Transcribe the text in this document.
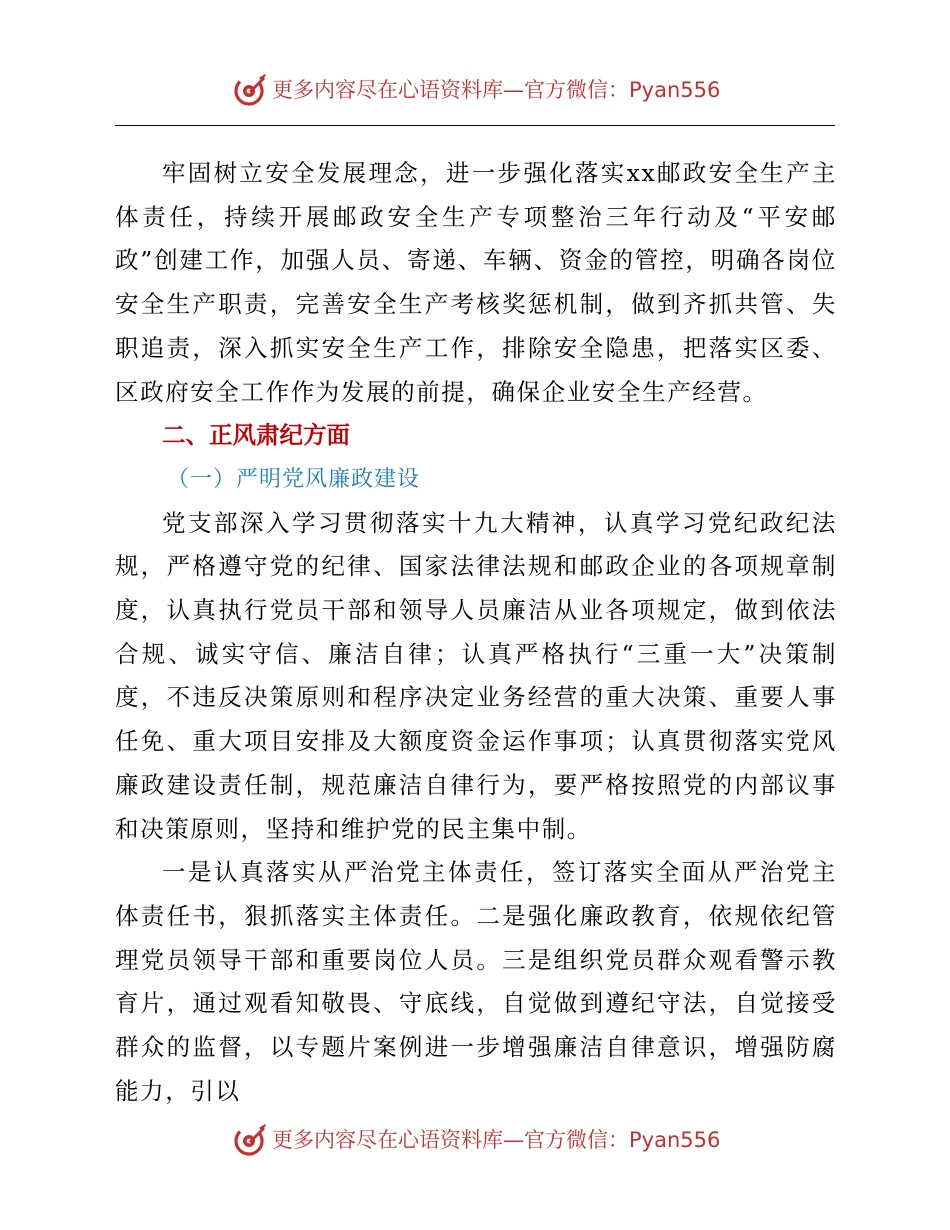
更多内容尽在心语资料库—官方微信：Pyan556

牢固树立安全发展理念，进一步强化落实xx邮政安全生产主体责任，持续开展邮政安全生产专项整治三年行动及“平安邮政”创建工作，加强人员、寄递、车辆、资金的管控，明确各岗位安全生产职责，完善安全生产考核奖惩机制，做到齐抓共管、失职追责，深入抓实安全生产工作，排除安全隐患，把落实区委、区政府安全工作作为发展的前提，确保企业安全生产经营。

二、正风肃纪方面
（一）严明党风廉政建设

党支部深入学习贯彻落实十九大精神，认真学习党纪政纪法规，严格遵守党的纪律、国家法律法规和邮政企业的各项规章制度，认真执行党员干部和领导人员廉洁从业各项规定，做到依法合规、诚实守信、廉洁自律；认真严格执行“三重一大”决策制度，不违反决策原则和程序决定业务经营的重大决策、重要人事任免、重大项目安排及大额度资金运作事项；认真贯彻落实党风廉政建设责任制，规范廉洁自律行为，要严格按照党的内部议事和决策原则，坚持和维护党的民主集中制。

一是认真落实从严治党主体责任，签订落实全面从严治党主体责任书，狠抓落实主体责任。二是强化廉政教育，依规依纪管理党员领导干部和重要岗位人员。三是组织党员群众观看警示教育片，通过观看知敬畏、守底线，自觉做到遵纪守法，自觉接受群众的监督，以专题片案例进一步增强廉洁自律意识，增强防腐能力，引以

更多内容尽在心语资料库—官方微信：Pyan556
